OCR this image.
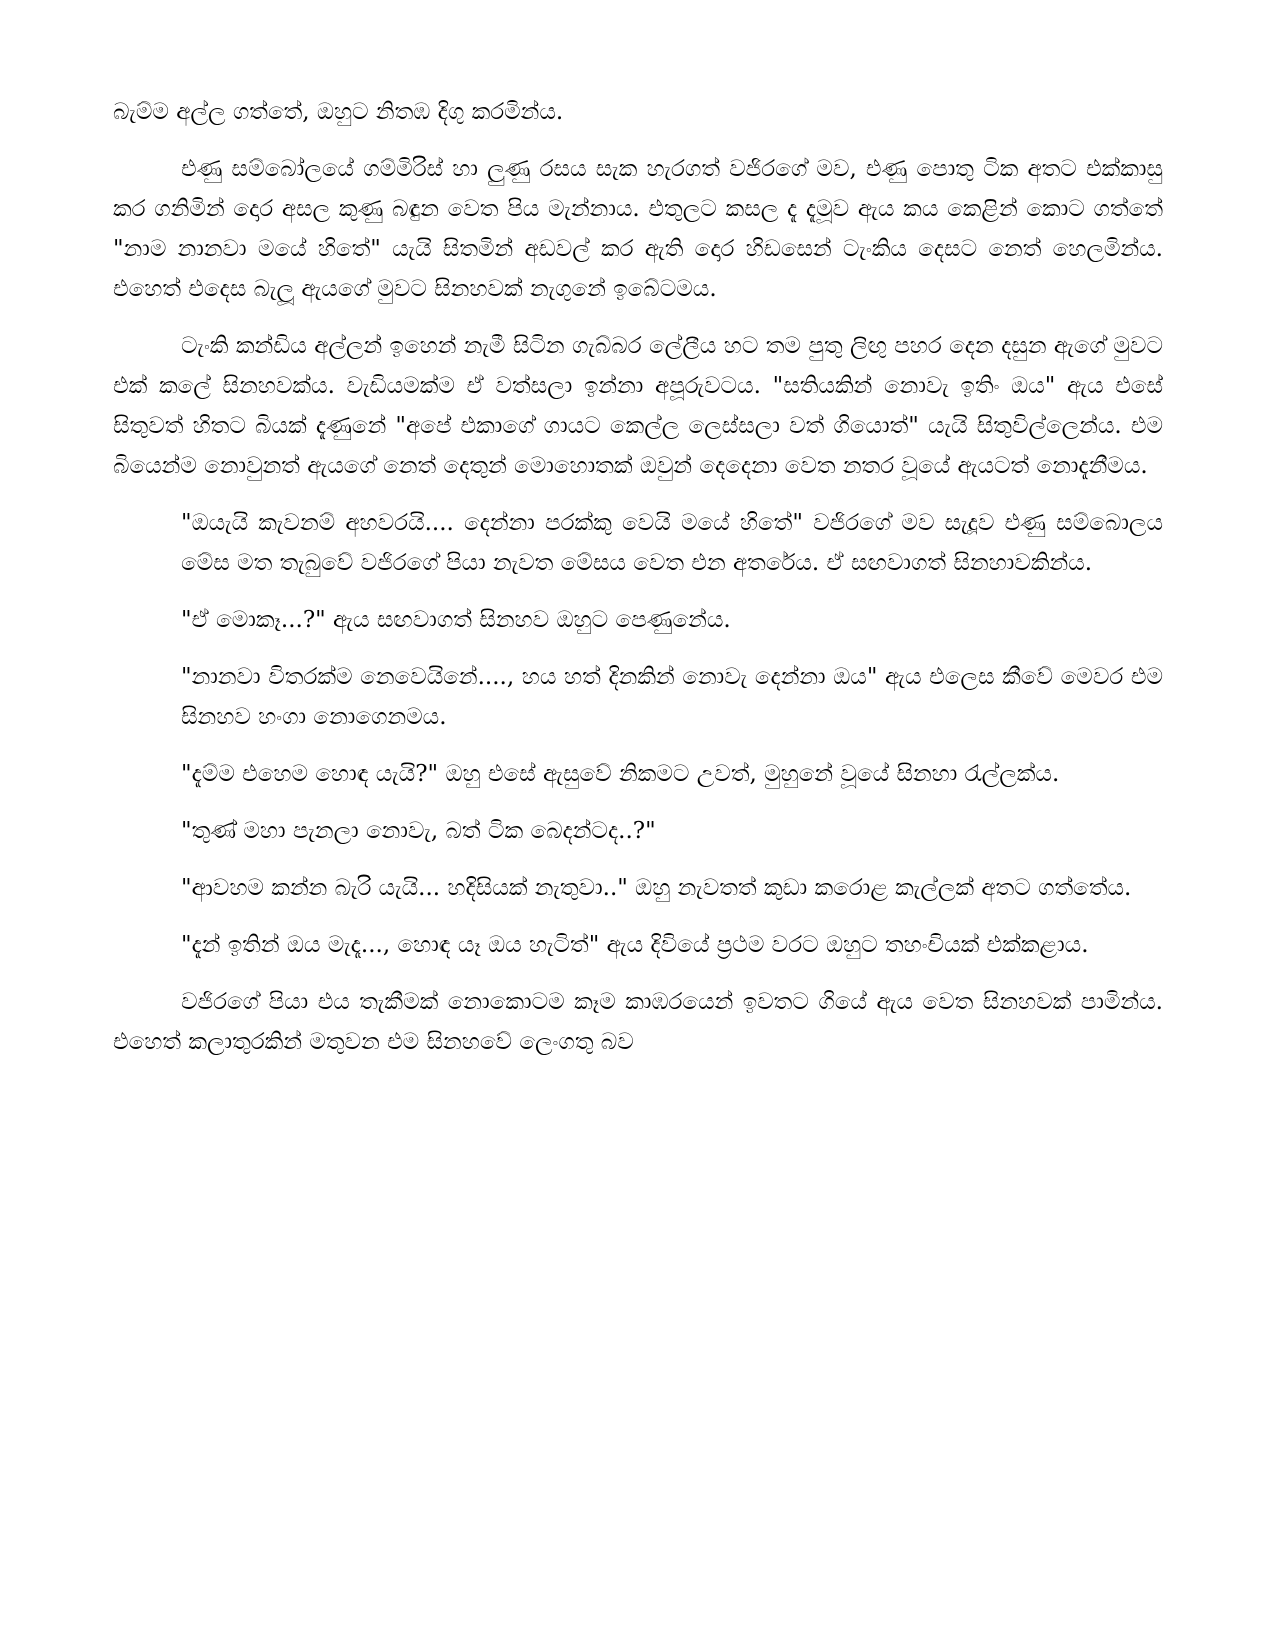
බැම්ම අල්ල ගත්තේ, ඔහුට නිතඹ දිගු කරමින්ය.

එණු සම්බෝලයේ ගම්මිරිස් හා ලුණු රසය සැක හැරගත් වජිරගේ මව, එණු පොතු ටික අතට එක්කාසු කර ගනිමින් දොර අසල කුණු බඳුන වෙත පිය මැන්නාය. එතුලට කසල දැ දැමූව ඇය කය කෙළින් කොට ගත්තේ "නාම නානවා මයේ හිතේ" යැයි සිතමින් අඩවල් කර ඇති දොර හිඩසෙන් ටැංකිය දෙසට නෙත් හෙලමින්ය. එහෙත් එදෙස බැලූ ඇයගේ මුවට සිනහවක් නැගුනේ ඉබේටමය.

ටැංකි කන්ඩිය අල්ලන් ඉහෙන් නැමී සිටින ගැබ්බර ලේලීය හට තම පුතු ලිඟු පහර දෙන දසුන ඇගේ මුවට එක් කලේ සිනහවක්ය. වැඩියමක්ම ඒ වත්සලා ඉන්නා අපූරුවටය. "සතියකින් නොවැ ඉතිං ඔය" ඇය එසේ සිතුවත් හිතට බියක් දැණුනේ "අපේ එකාගේ ගායට කෙල්ල ලෙස්සලා වත් ගියොත්" යැයි සිතුවිල්ලෙන්ය. එම බියෙන්ම නොවුනත් ඇයගේ නෙත් දෙතුන් මොහොතක් ඔවුන් දෙදෙනා වෙත නතර වූයේ ඇයටත් නොදැනීමය.

"ඔයැයි කැවනම් අහවරයි.... දෙන්නා පරක්කු වෙයි මයේ හිතේ" වජිරගේ මව සැදූව එණු සම්බොලය මේස මත තැබුවේ වජිරගේ පියා නැවත මේසය වෙත එන අතරේය. ඒ සඟවාගත් සිනහාවකින්ය.

"ඒ මොකෑ...?" ඇය සඟවාගත් සිනහව ඔහුට පෙණුනේය.

"නානවා විතරක්ම නෙවෙයිනේ...., හය හත් දිනකින් නොවැ දෙන්නා ඔය" ඇය එලෙස කීවේ මෙවර එම සිනහව හංගා නොගෙනමය.

"දැම්ම එහෙම හොඳ යැයි?" ඔහු එසේ ඇසුවේ නිකමට උවත්, මුහුනේ වූයේ සිනහා රැල්ලක්ය.

"තුණ් මහා පැනලා නොවැ, බත් ටික බෙදන්ටද..?"

"ආවහම කන්න බැරි යැයි... හදිසියක් නැතුවා.." ඔහු නැවතත් කුඩා කරොළ කැල්ලක් අතට ගත්තේය.

"දැන් ඉතින් ඔය මැදෑ..., හොඳ යෑ ඔය හැටිත්" ඇය දිවියේ ප්‍රථම වරට ඔහුට තහංචියක් එක්කළාය.

වජිරගේ පියා එය තැකීමක් නොකොටම කෑම කාඹරයෙන් ඉවතට ගියේ ඇය වෙත සිනහවක් පාමින්ය. එහෙත් කලාතුරකින් මතුවන එම සිනහවේ ලෙංගතු බව
